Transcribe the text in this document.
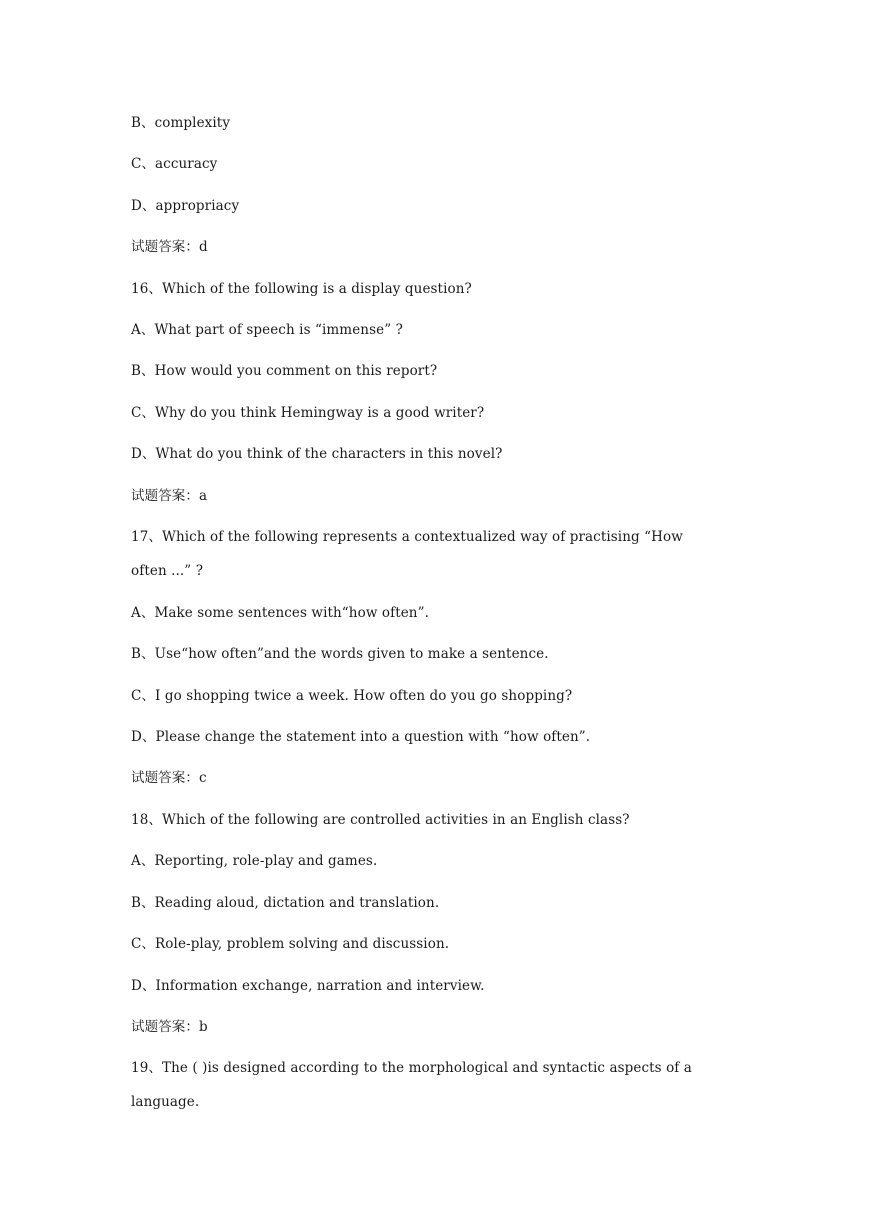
B、complexity
C、accuracy
D、appropriacy
试题答案：d
16、Which of the following is a display question?
A、What part of speech is “immense” ?
B、How would you comment on this report?
C、Why do you think Hemingway is a good writer?
D、What do you think of the characters in this novel?
试题答案：a
17、Which of the following represents a contextualized way of practising “How
often ...” ?
A、Make some sentences with“how often”.
B、Use“how often”and the words given to make a sentence.
C、I go shopping twice a week. How often do you go shopping?
D、Please change the statement into a question with “how often”.
试题答案：c
18、Which of the following are controlled activities in an English class?
A、Reporting, role-play and games.
B、Reading aloud, dictation and translation.
C、Role-play, problem solving and discussion.
D、Information exchange, narration and interview.
试题答案：b
19、The ( )is designed according to the morphological and syntactic aspects of a
language.
